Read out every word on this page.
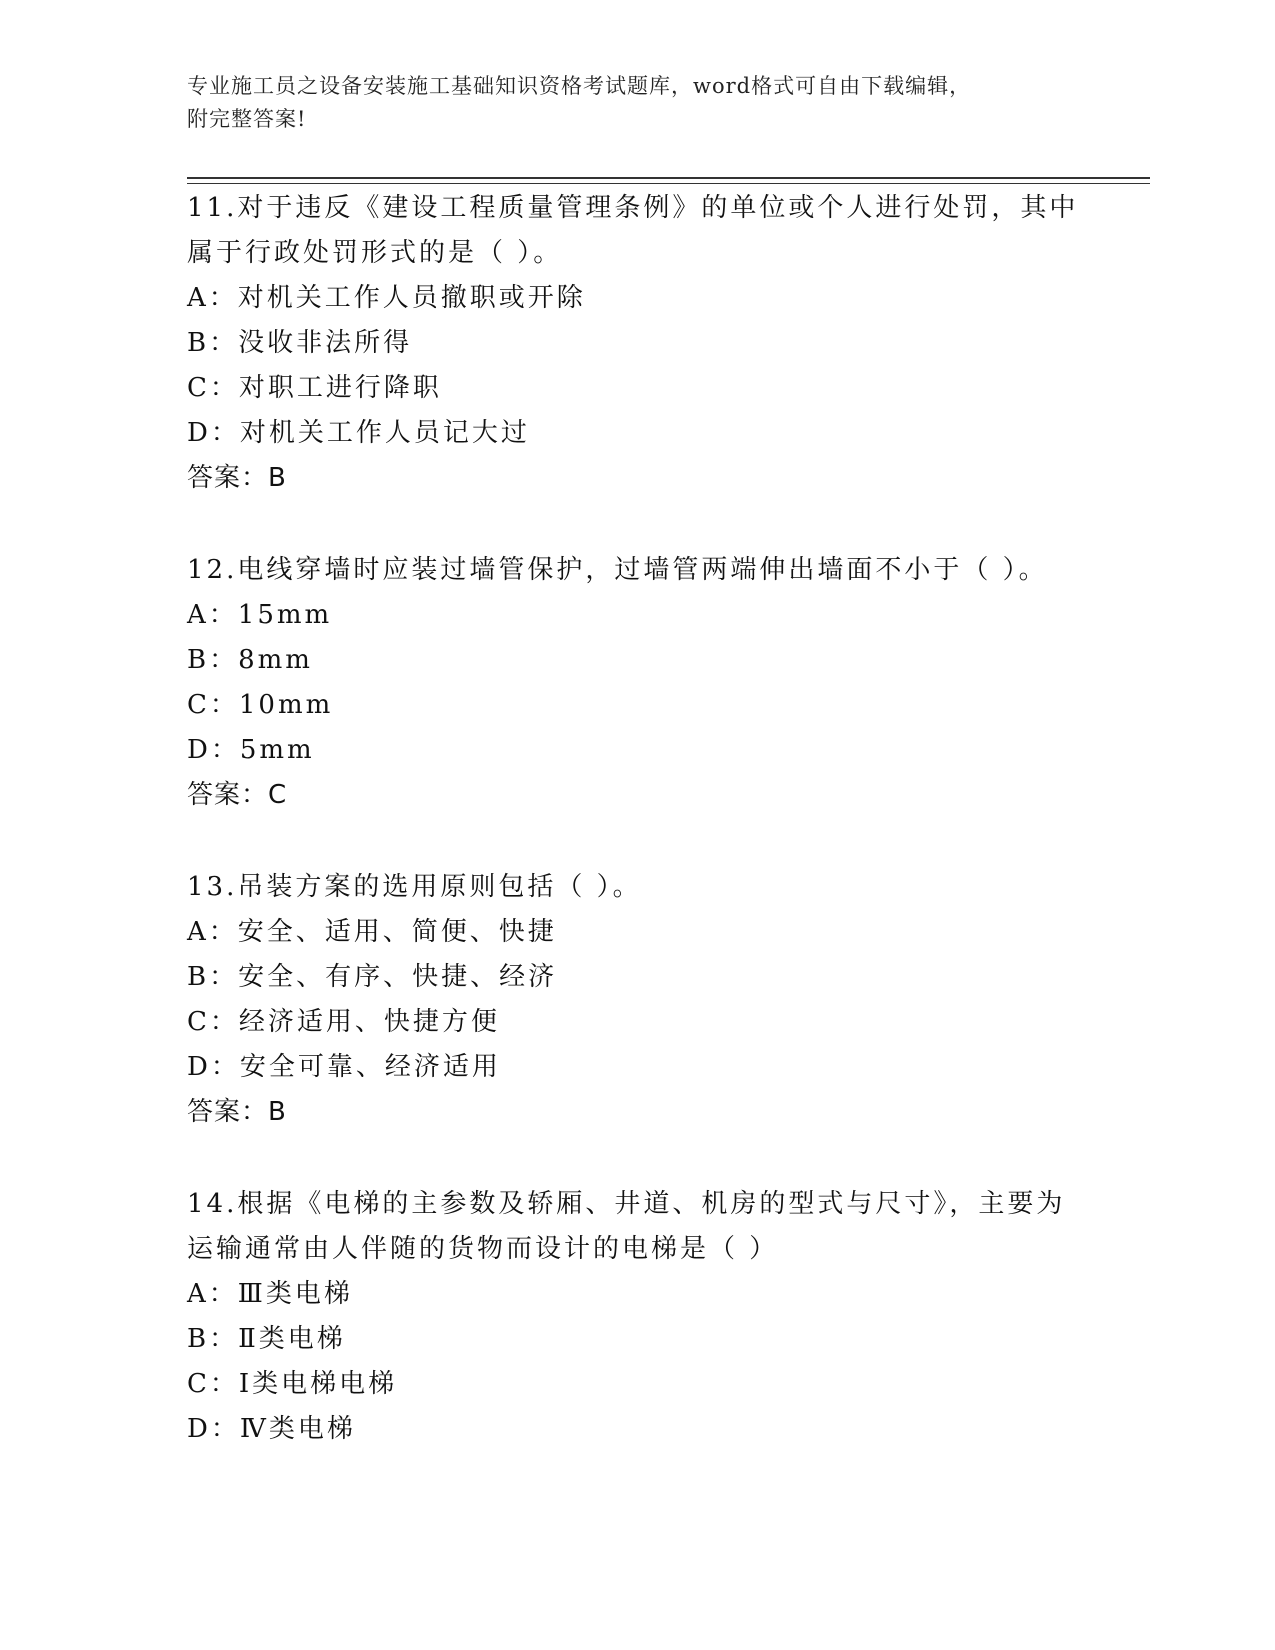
专业施工员之设备安装施工基础知识资格考试题库，word格式可自由下载编辑，
附完整答案!

11.对于违反《建设工程质量管理条例》的单位或个人进行处罚，其中属于行政处罚形式的是（ ）。

A：对机关工作人员撤职或开除

B：没收非法所得

C：对职工进行降职

D：对机关工作人员记大过

答案：B

12.电线穿墙时应装过墙管保护，过墙管两端伸出墙面不小于（ ）。

A：15mm

B：8mm

C：10mm

D：5mm

答案：C

13.吊装方案的选用原则包括（ ）。

A：安全、适用、简便、快捷

B：安全、有序、快捷、经济

C：经济适用、快捷方便

D：安全可靠、经济适用

答案：B

14.根据《电梯的主参数及轿厢、井道、机房的型式与尺寸》，主要为运输通常由人伴随的货物而设计的电梯是（ ）

A：Ⅲ类电梯

B：Ⅱ类电梯

C：Ⅰ类电梯电梯

D：Ⅳ类电梯
